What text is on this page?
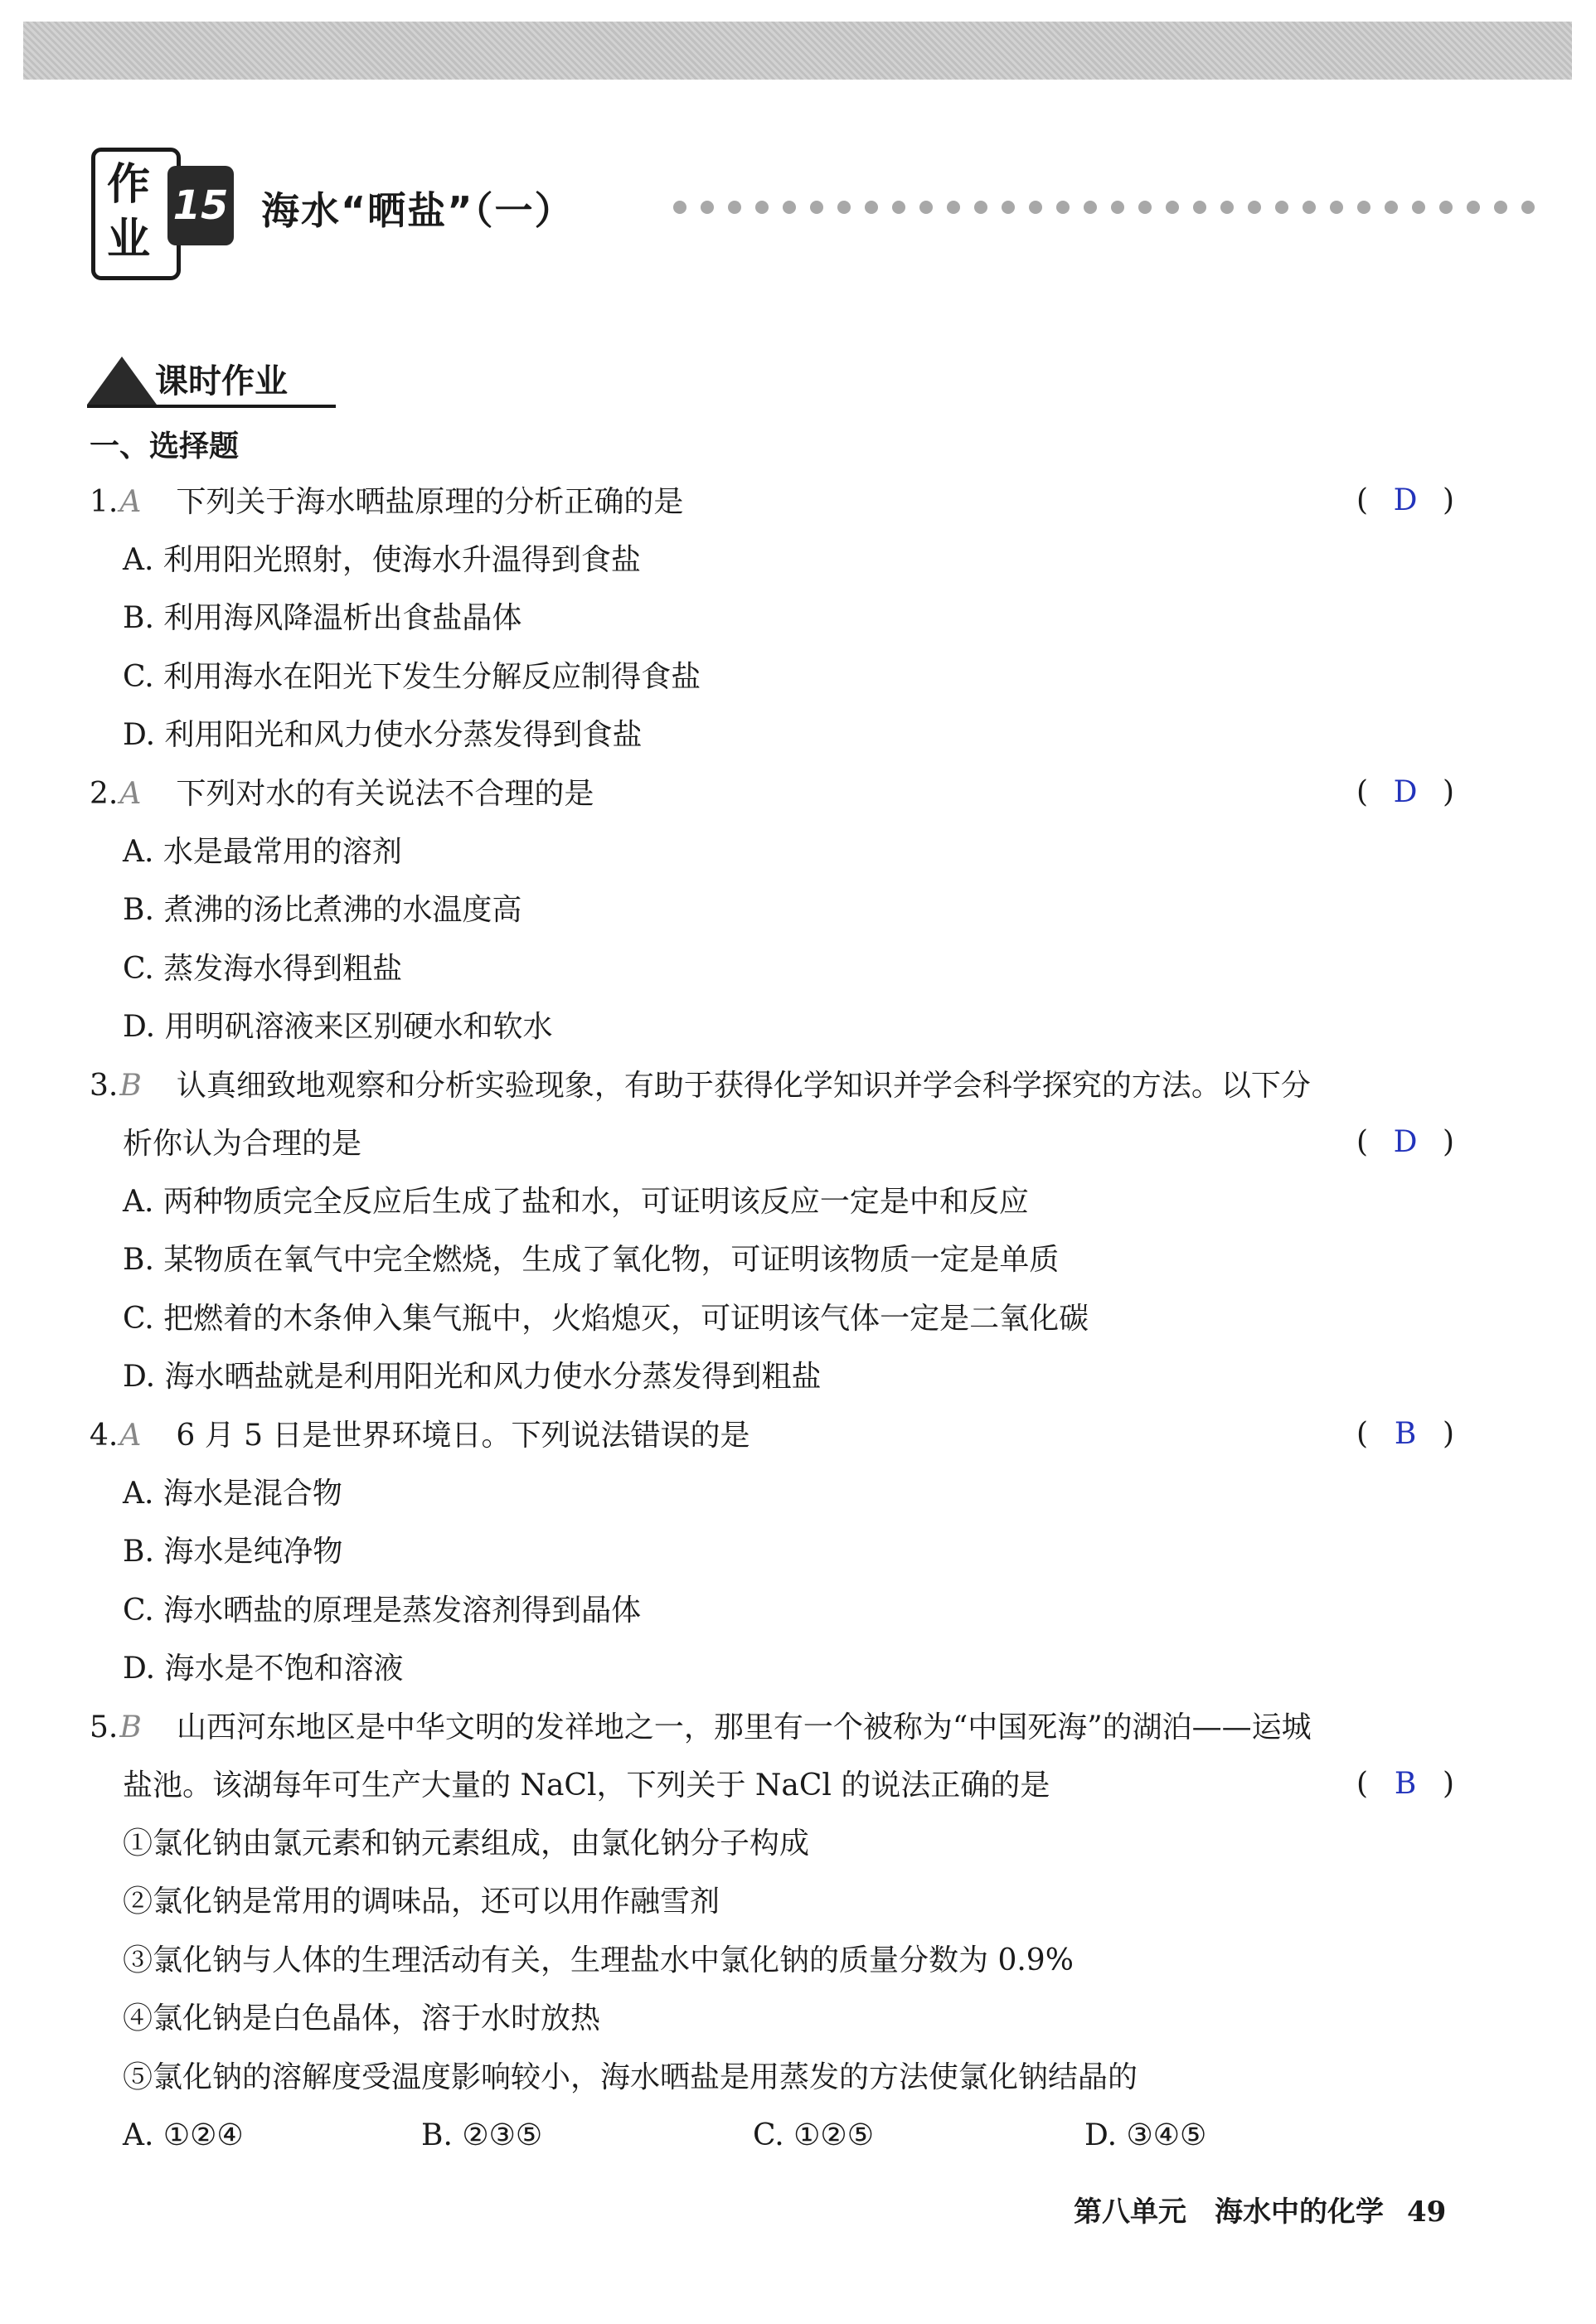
作
业
15 海水“晒盐”（一）
课时作业
一、选择题
1.A 下列关于海水晒盐原理的分析正确的是	( D )
A. 利用阳光照射，使海水升温得到食盐
B. 利用海风降温析出食盐晶体
C. 利用海水在阳光下发生分解反应制得食盐
D. 利用阳光和风力使水分蒸发得到食盐
2.A 下列对水的有关说法不合理的是	( D )
A. 水是最常用的溶剂
B. 煮沸的汤比煮沸的水温度高
C. 蒸发海水得到粗盐
D. 用明矾溶液来区别硬水和软水
3.B 认真细致地观察和分析实验现象，有助于获得化学知识并学会科学探究的方法。以下分
析你认为合理的是	( D )
A. 两种物质完全反应后生成了盐和水，可证明该反应一定是中和反应
B. 某物质在氧气中完全燃烧，生成了氧化物，可证明该物质一定是单质
C. 把燃着的木条伸入集气瓶中，火焰熄灭，可证明该气体一定是二氧化碳
D. 海水晒盐就是利用阳光和风力使水分蒸发得到粗盐
4.A 6 月 5 日是世界环境日。下列说法错误的是	( B )
A. 海水是混合物
B. 海水是纯净物
C. 海水晒盐的原理是蒸发溶剂得到晶体
D. 海水是不饱和溶液
5.B 山西河东地区是中华文明的发祥地之一，那里有一个被称为“中国死海”的湖泊——运城
盐池。该湖每年可生产大量的 NaCl，下列关于 NaCl 的说法正确的是	( B )
①氯化钠由氯元素和钠元素组成，由氯化钠分子构成
②氯化钠是常用的调味品，还可以用作融雪剂
③氯化钠与人体的生理活动有关，生理盐水中氯化钠的质量分数为 0.9%
④氯化钠是白色晶体，溶于水时放热
⑤氯化钠的溶解度受温度影响较小，海水晒盐是用蒸发的方法使氯化钠结晶的
A. ①②④	B. ②③⑤	C. ①②⑤	D. ③④⑤
第八单元　海水中的化学 49
